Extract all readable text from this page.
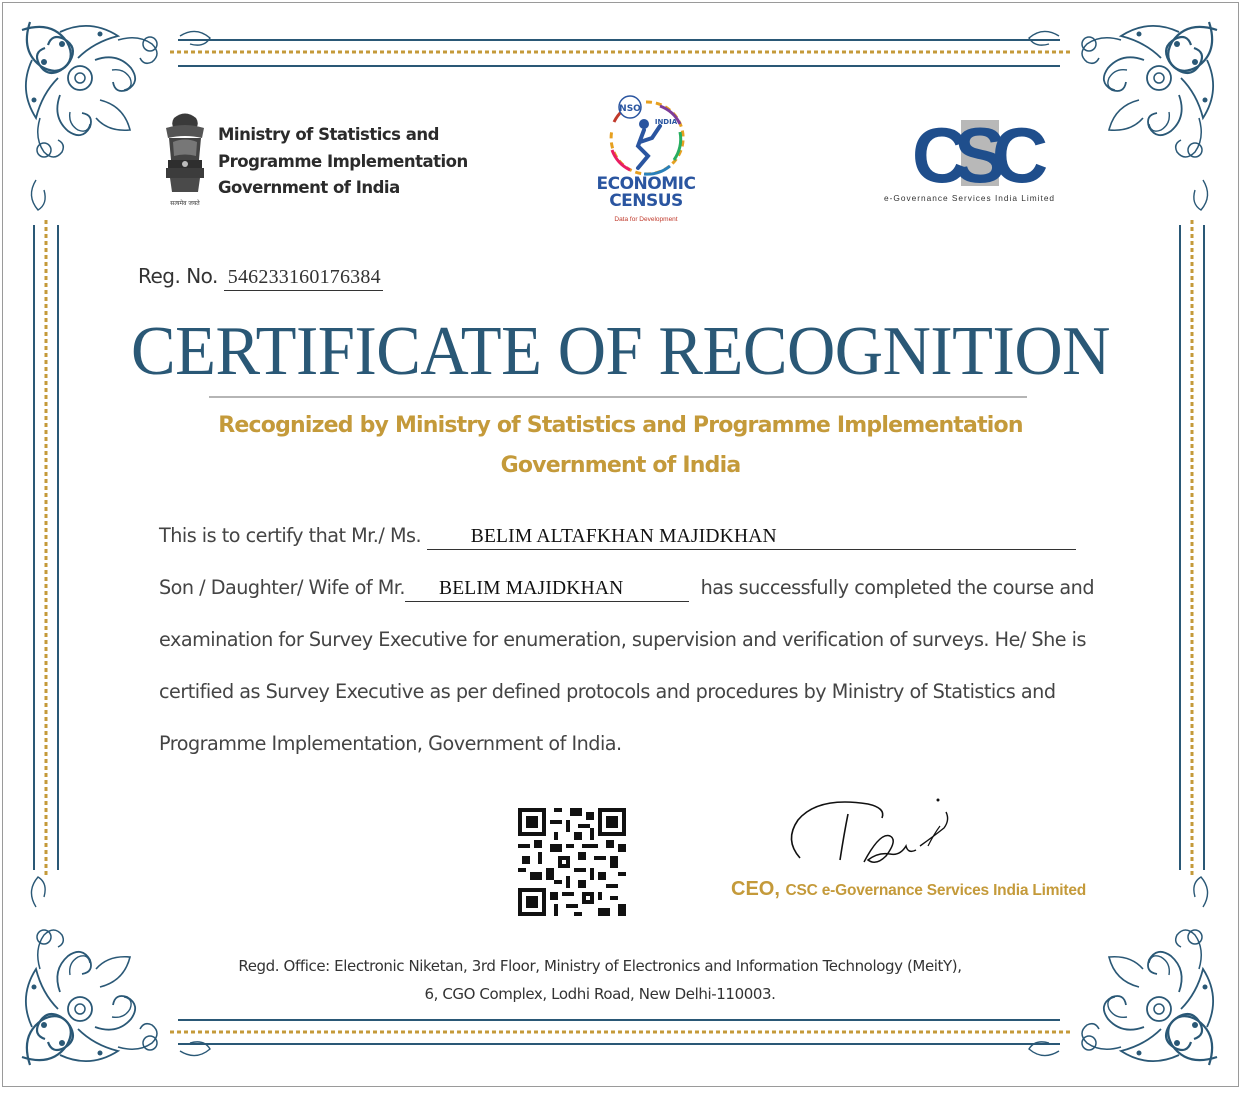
सत्यमेव जयते
Ministry of Statistics and
Programme Implementation
Government of India
NSO
INDIA
ECONOMIC
CENSUS
Data for Development
C
S
C
e-Governance Services India Limited
Reg. No. 546233160176384
CERTIFICATE OF RECOGNITION
Recognized by Ministry of Statistics and Programme Implementation
Government of India
This is to certify that Mr./ Ms.	BELIM ALTAFKHAN MAJIDKHAN
Son / Daughter/ Wife of Mr. BELIM MAJIDKHAN	has successfully completed the course and
examination for Survey Executive for enumeration, supervision and verification of surveys. He/ She is
certified as Survey Executive as per defined protocols and procedures by Ministry of Statistics and
Programme Implementation, Government of India.
CEO, CSC e-Governance Services India Limited
Regd. Office: Electronic Niketan, 3rd Floor, Ministry of Electronics and Information Technology (MeitY),
6, CGO Complex, Lodhi Road, New Delhi-110003.
